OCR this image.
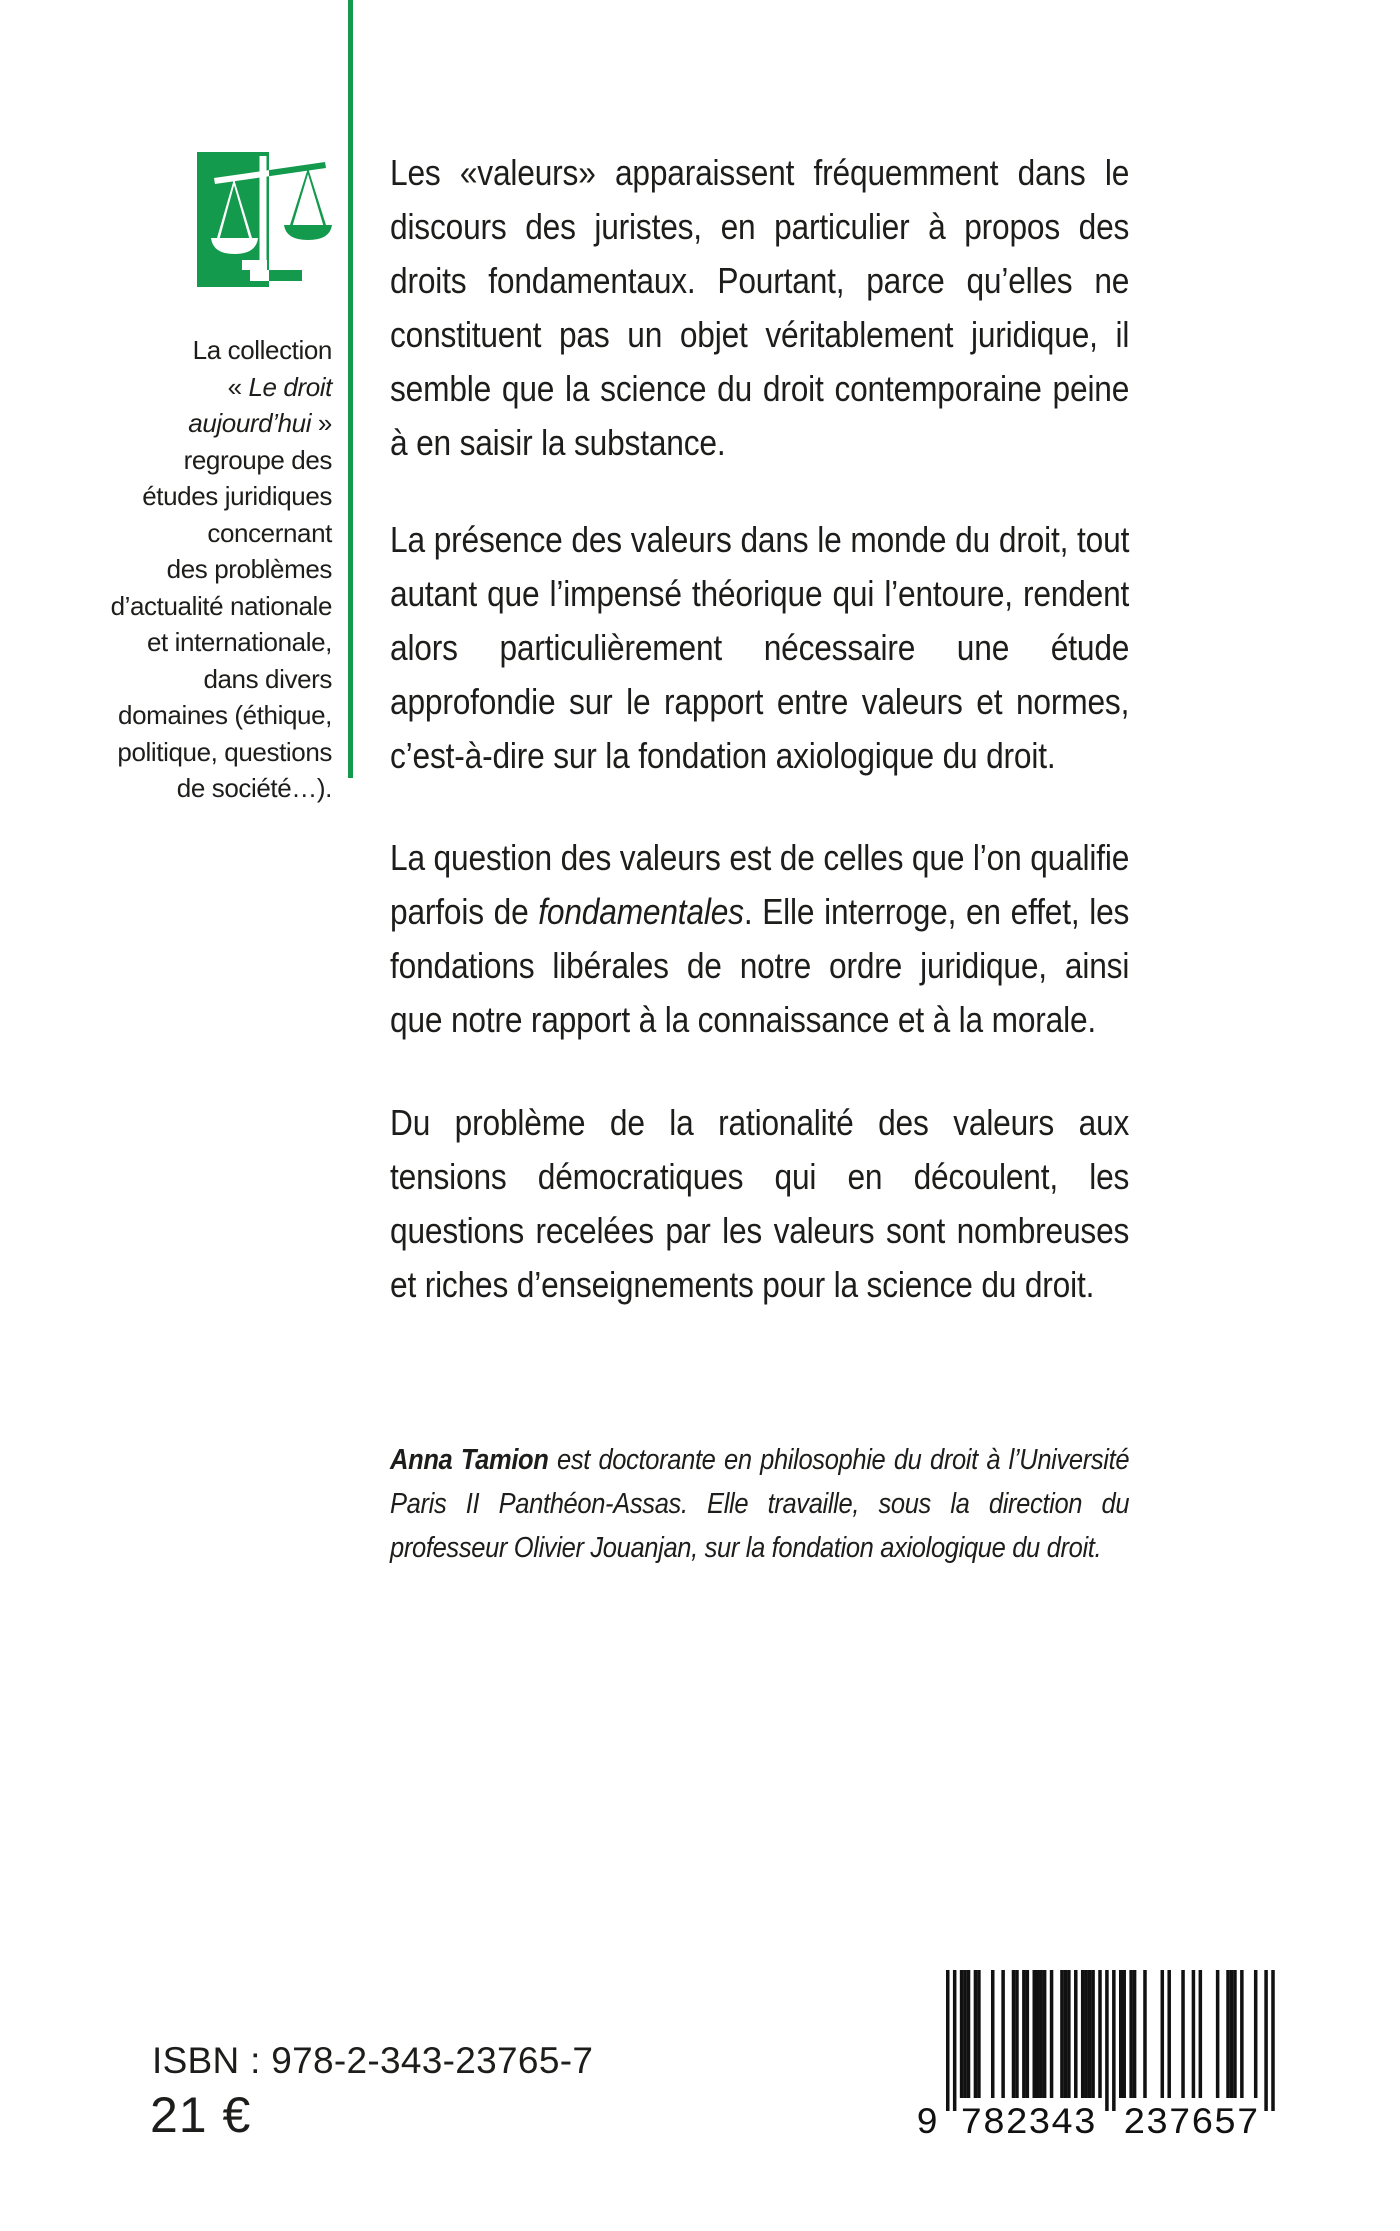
La collection
« Le droit
aujourd’hui »
regroupe des
études juridiques
concernant
des problèmes
d’actualité nationale
et internationale,
dans divers
domaines (éthique,
politique, questions
de société…).

Les «valeurs» apparaissent fréquemment dans le discours des juristes, en particulier à propos des droits fondamentaux. Pourtant, parce qu’elles ne constituent pas un objet véritablement juridique, il semble que la science du droit contemporaine peine à en saisir la substance.

La présence des valeurs dans le monde du droit, tout autant que l’impensé théorique qui l’entoure, rendent alors particulièrement nécessaire une étude approfondie sur le rapport entre valeurs et normes, c’est-à-dire sur la fondation axiologique du droit.

La question des valeurs est de celles que l’on qualifie parfois de fondamentales. Elle interroge, en effet, les fondations libérales de notre ordre juridique, ainsi que notre rapport à la connaissance et à la morale.

Du problème de la rationalité des valeurs aux tensions démocratiques qui en découlent, les questions recelées par les valeurs sont nombreuses et riches d’enseignements pour la science du droit.

Anna Tamion est doctorante en philosophie du droit à l’Université Paris II Panthéon-Assas. Elle travaille, sous la direction du professeur Olivier Jouanjan, sur la fondation axiologique du droit.

ISBN : 978-2-343-23765-7
21 €	9 782343 237657
